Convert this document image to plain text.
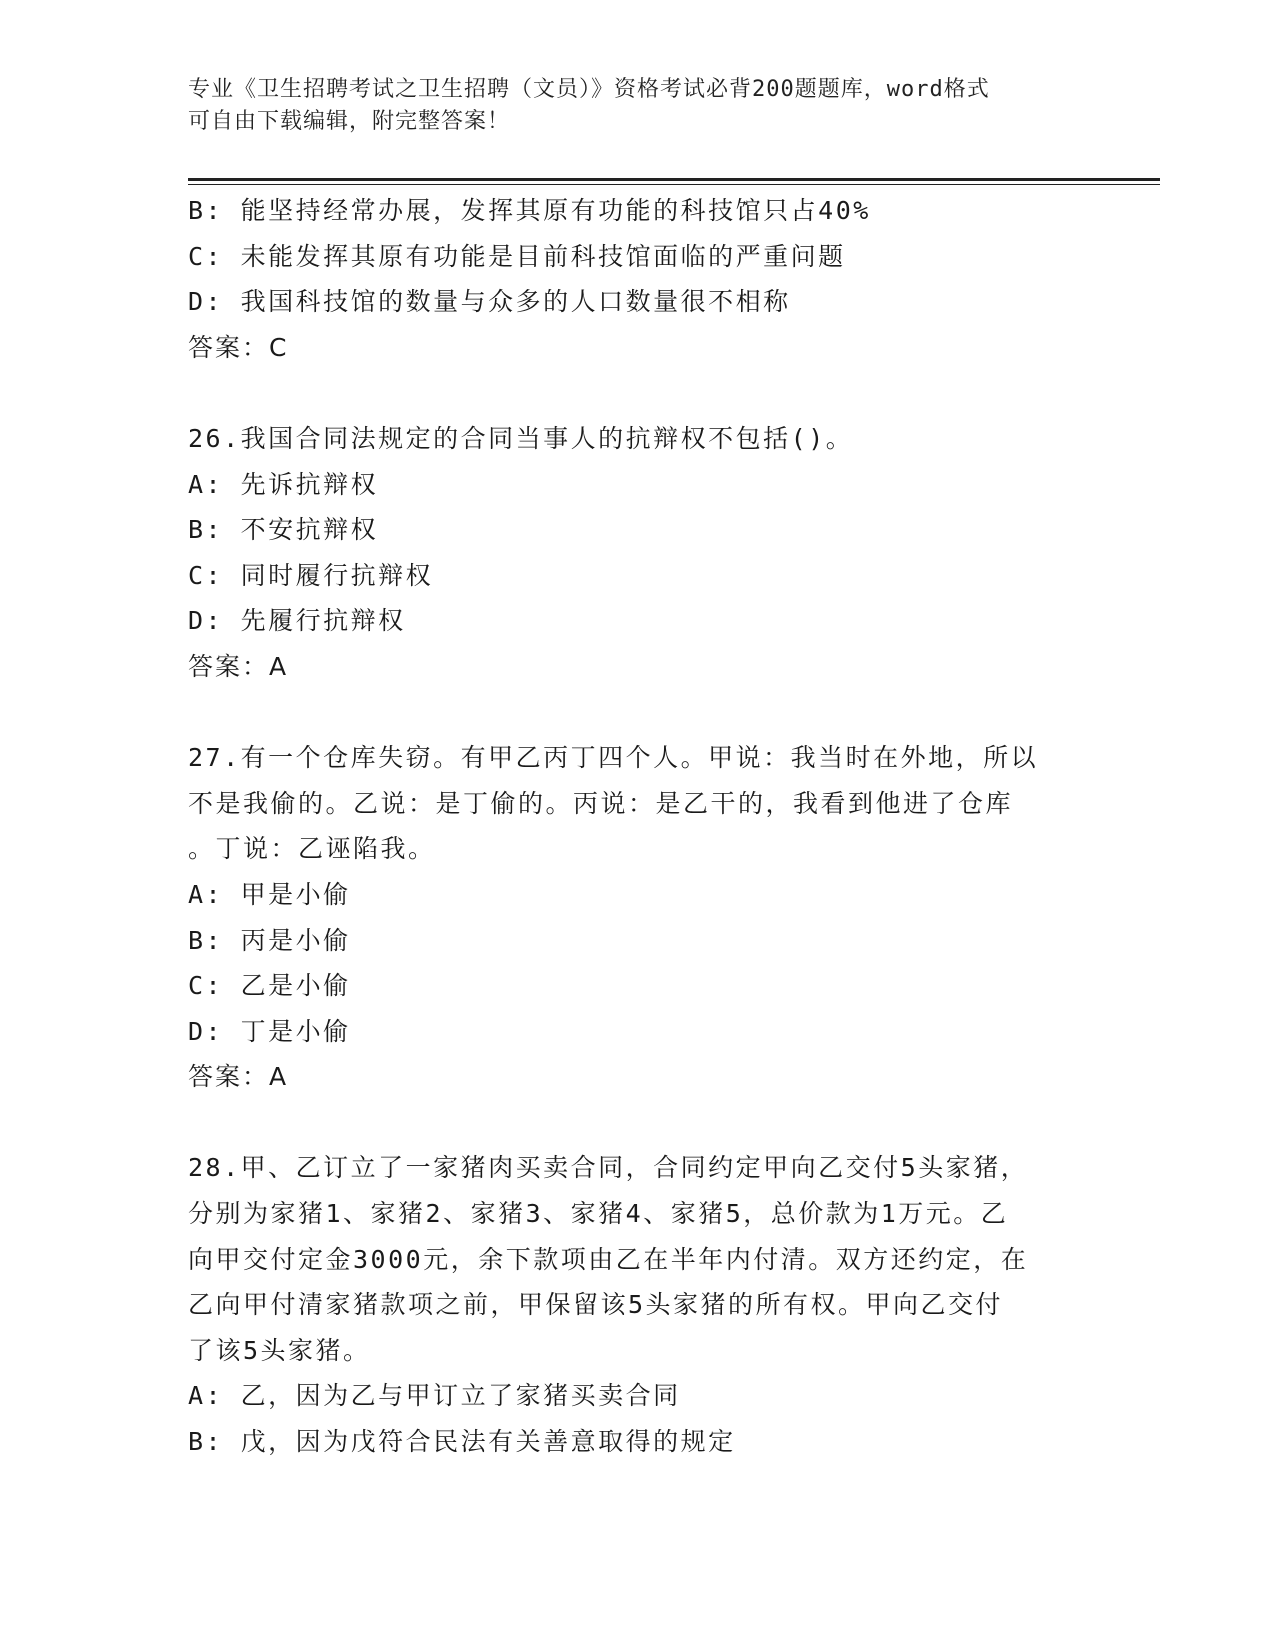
专业《卫生招聘考试之卫生招聘（文员）》资格考试必背200题题库，word格式
可自由下载编辑，附完整答案！
B: 能坚持经常办展，发挥其原有功能的科技馆只占40%
C: 未能发挥其原有功能是目前科技馆面临的严重问题
D: 我国科技馆的数量与众多的人口数量很不相称
答案：C
26.我国合同法规定的合同当事人的抗辩权不包括()。
A: 先诉抗辩权
B: 不安抗辩权
C: 同时履行抗辩权
D: 先履行抗辩权
答案：A
27.有一个仓库失窃。有甲乙丙丁四个人。甲说：我当时在外地，所以
不是我偷的。乙说：是丁偷的。丙说：是乙干的，我看到他进了仓库
。丁说：乙诬陷我。
A: 甲是小偷
B: 丙是小偷
C: 乙是小偷
D: 丁是小偷
答案：A
28.甲、乙订立了一家猪肉买卖合同，合同约定甲向乙交付5头家猪，
分别为家猪1、家猪2、家猪3、家猪4、家猪5，总价款为1万元。乙
向甲交付定金3000元，余下款项由乙在半年内付清。双方还约定，在
乙向甲付清家猪款项之前，甲保留该5头家猪的所有权。甲向乙交付
了该5头家猪。
A: 乙，因为乙与甲订立了家猪买卖合同
B: 戊，因为戊符合民法有关善意取得的规定
